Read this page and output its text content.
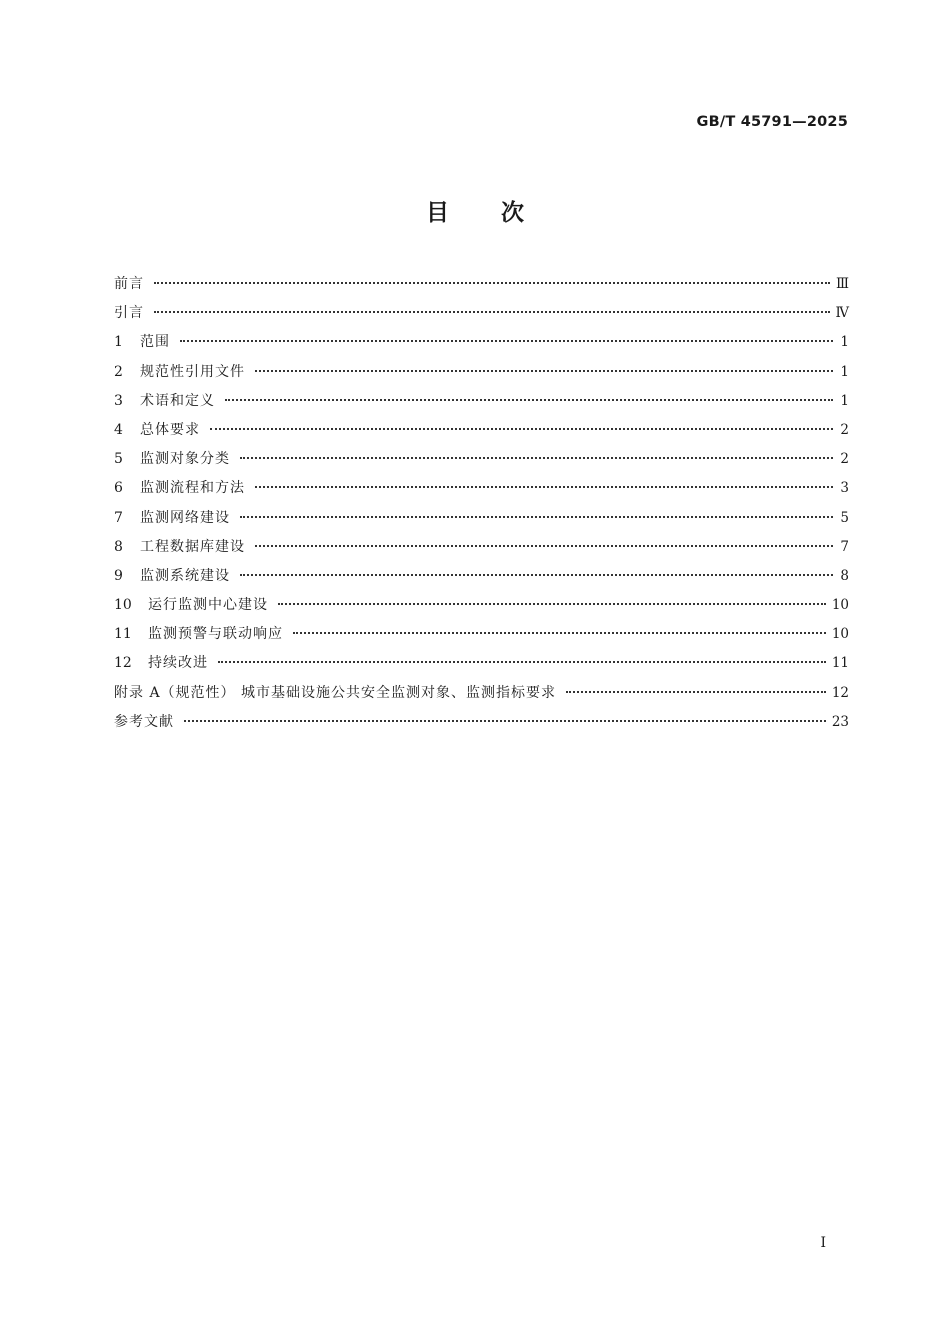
GB/T 45791—2025
目 次
前言	Ⅲ
引言	Ⅳ
1	范围	1
2	规范性引用文件	1
3	术语和定义	1
4	总体要求	2
5	监测对象分类	2
6	监测流程和方法	3
7	监测网络建设	5
8	工程数据库建设	7
9	监测系统建设	8
10	运行监测中心建设	10
11	监测预警与联动响应	10
12	持续改进	11
附录 A（规范性） 城市基础设施公共安全监测对象、监测指标要求	12
参考文献	23
I
